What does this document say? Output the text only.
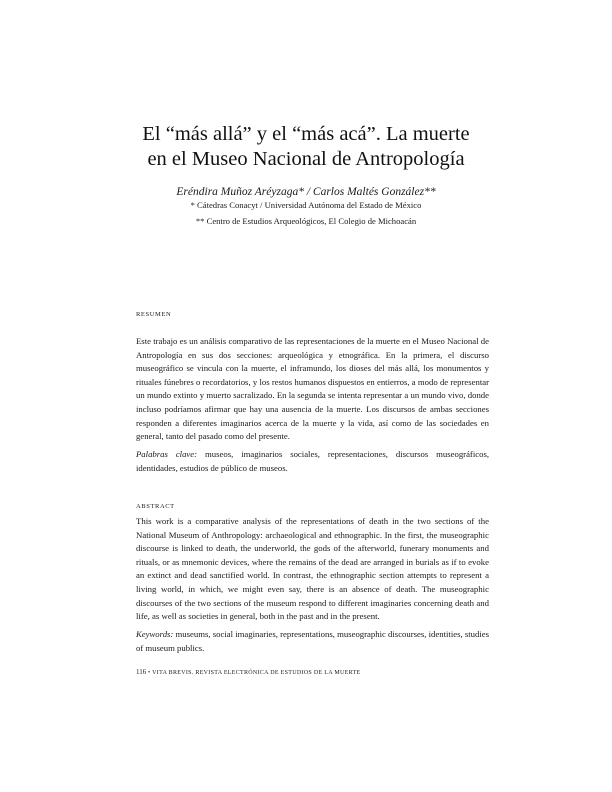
El “más allá” y el “más acá”. La muerte
en el Museo Nacional de Antropología
Eréndira Muñoz Aréyzaga* / Carlos Maltés González**
* Cátedras Conacyt / Universidad Autónoma del Estado de México
** Centro de Estudios Arqueológicos, El Colegio de Michoacán
RESUMEN
Este trabajo es un análisis comparativo de las representaciones de la muerte en el Museo Nacional de Antropología en sus dos secciones: arqueológica y etnográfica. En la primera, el discurso museográfico se vincula con la muerte, el inframundo, los dioses del más allá, los monumentos y rituales fúnebres o recordatorios, y los restos humanos dispuestos en entierros, a modo de representar un mundo extinto y muerto sacralizado. En la segunda se intenta representar a un mundo vivo, donde incluso podríamos afirmar que hay una ausencia de la muerte. Los discursos de ambas secciones responden a diferentes imaginarios acerca de la muerte y la vida, así como de las sociedades en general, tanto del pasado como del presente.
Palabras clave: museos, imaginarios sociales, representaciones, discursos museográficos, identidades, estudios de público de museos.
ABSTRACT
This work is a comparative analysis of the representations of death in the two sections of the National Museum of Anthropology: archaeological and ethnographic. In the first, the museographic discourse is linked to death, the underworld, the gods of the afterworld, funerary monuments and rituals, or as mnemonic devices, where the remains of the dead are arranged in burials as if to evoke an extinct and dead sanctified world. In contrast, the ethnographic section attempts to represent a living world, in which, we might even say, there is an absence of death. The museographic discourses of the two sections of the museum respond to different imaginaries concerning death and life, as well as societies in general, both in the past and in the present.
Keywords: museums, social imaginaries, representations, museographic discourses, identities, studies of museum publics.
116 • VITA BREVIS. REVISTA ELECTRÓNICA DE ESTUDIOS DE LA MUERTE
